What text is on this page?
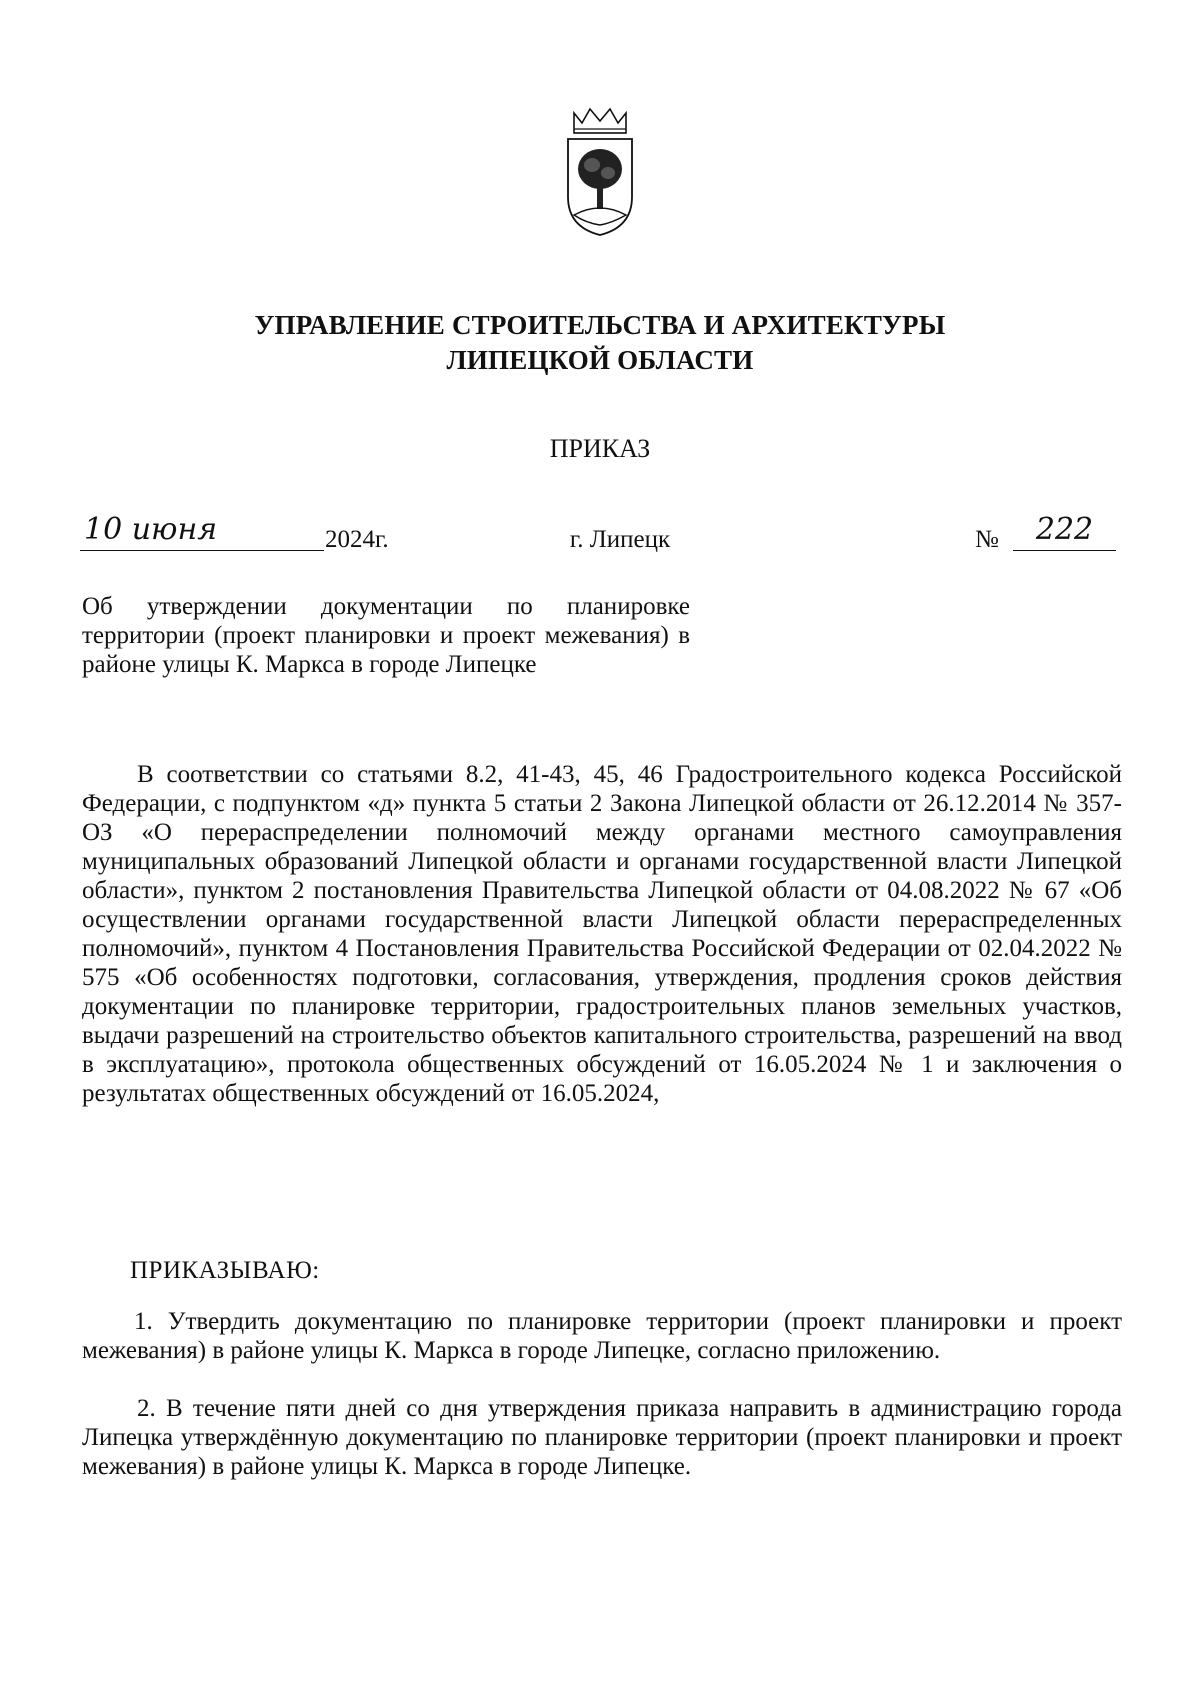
УПРАВЛЕНИЕ СТРОИТЕЛЬСТВА И АРХИТЕКТУРЫ
ЛИПЕЦКОЙ ОБЛАСТИ
ПРИКАЗ
10 июня	2024г.	г. Липецк	№	222
Об утверждении документации по планировке территории (проект планировки и проект межевания) в районе улицы К. Маркса в городе Липецке
В соответствии со статьями 8.2, 41-43, 45, 46 Градостроительного кодекса Российской Федерации, с подпунктом «д» пункта 5 статьи 2 Закона Липецкой области от 26.12.2014 № 357-ОЗ «О перераспределении полномочий между органами местного самоуправления муниципальных образований Липецкой области и органами государственной власти Липецкой области», пунктом 2 постановления Правительства Липецкой области от 04.08.2022 № 67 «Об осуществлении органами государственной власти Липецкой области перераспределенных полномочий», пунктом 4 Постановления Правительства Российской Федерации от 02.04.2022 № 575 «Об особенностях подготовки, согласования, утверждения, продления сроков действия документации по планировке территории, градостроительных планов земельных участков, выдачи разрешений на строительство объектов капитального строительства, разрешений на ввод в эксплуатацию», протокола общественных обсуждений от 16.05.2024 № 1 и заключения о результатах общественных обсуждений от 16.05.2024,
ПРИКАЗЫВАЮ:
1. Утвердить документацию по планировке территории (проект планировки и проект межевания) в районе улицы К. Маркса в городе Липецке, согласно приложению.
2. В течение пяти дней со дня утверждения приказа направить в администрацию города Липецка утверждённую документацию по планировке территории (проект планировки и проект межевания) в районе улицы К. Маркса в городе Липецке.
